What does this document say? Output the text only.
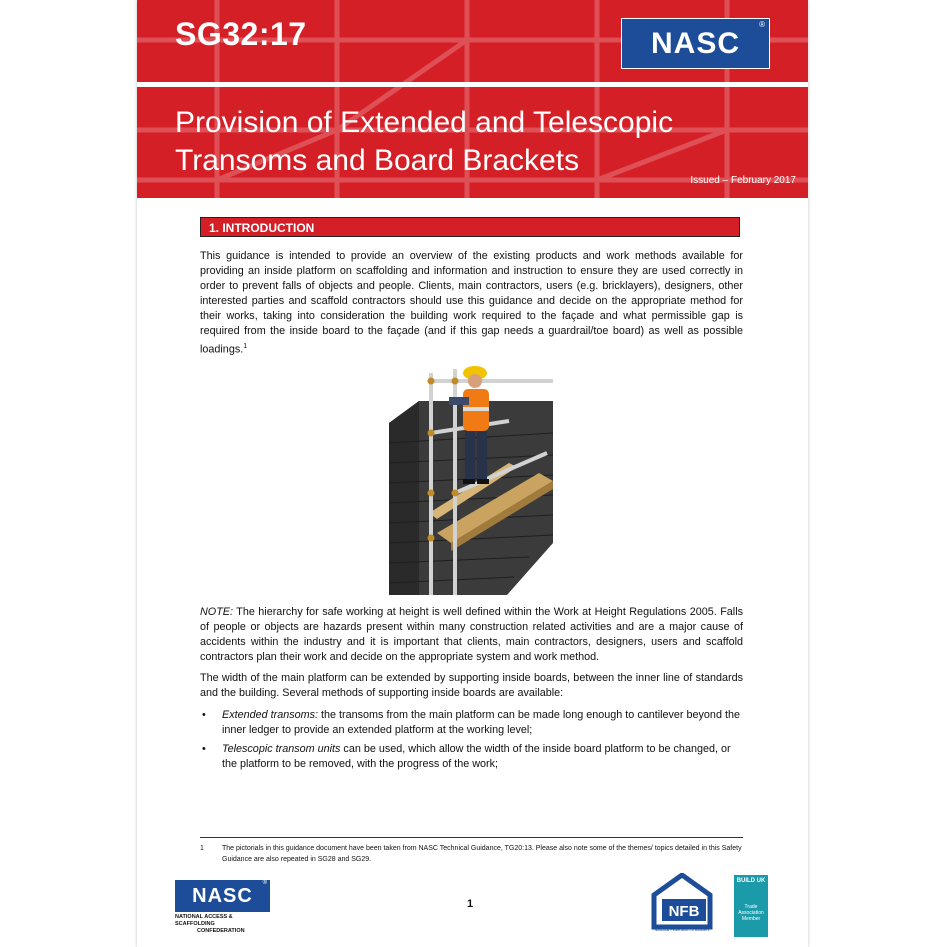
SG32:17	NASC
®
Provision of Extended and Telescopic
Transoms and Board Brackets
Issued – February 2017
1. INTRODUCTION

This guidance is intended to provide an overview of the existing products and work methods available for providing an inside platform on scaffolding and information and instruction to ensure they are used correctly in order to prevent falls of objects and people. Clients, main contractors, users (e.g. bricklayers), designers, other interested parties and scaffold contractors should use this guidance and decide on the appropriate method for their works, taking into consideration the building work required to the façade and what permissible gap is required from the inside board to the façade (and if this gap needs a guardrail/toe board) as well as possible loadings.$^1$

NOTE: The hierarchy for safe working at height is well defined within the Work at Height Regulations 2005. Falls of people or objects are hazards present within many construction related activities and are a major cause of accidents within the industry and it is important that clients, main contractors, designers, users and scaffold contractors plan their work and decide on the appropriate system and work method.

The width of the main platform can be extended by supporting inside boards, between the inner line of standards and the building. Several methods of supporting inside boards are available:

• Extended transoms: the transoms from the main platform can be made long enough to cantilever beyond the inner ledger to provide an extended platform at the working level;
• Telescopic transom units can be used, which allow the width of the inside board platform to be changed, or the platform to be removed, with the progress of the work;
1	The pictorials in this guidance document have been taken from NASC Technical Guidance, TG20:13. Please also note some of the themes/ topics detailed in this Safety Guidance are also repeated in SG28 and SG29.
NASC
®
NATIONAL ACCESS & SCAFFOLDING
CONFEDERATION
1	NFB
National Federation of Builders
BUILD UK
Trade
Association
Member
